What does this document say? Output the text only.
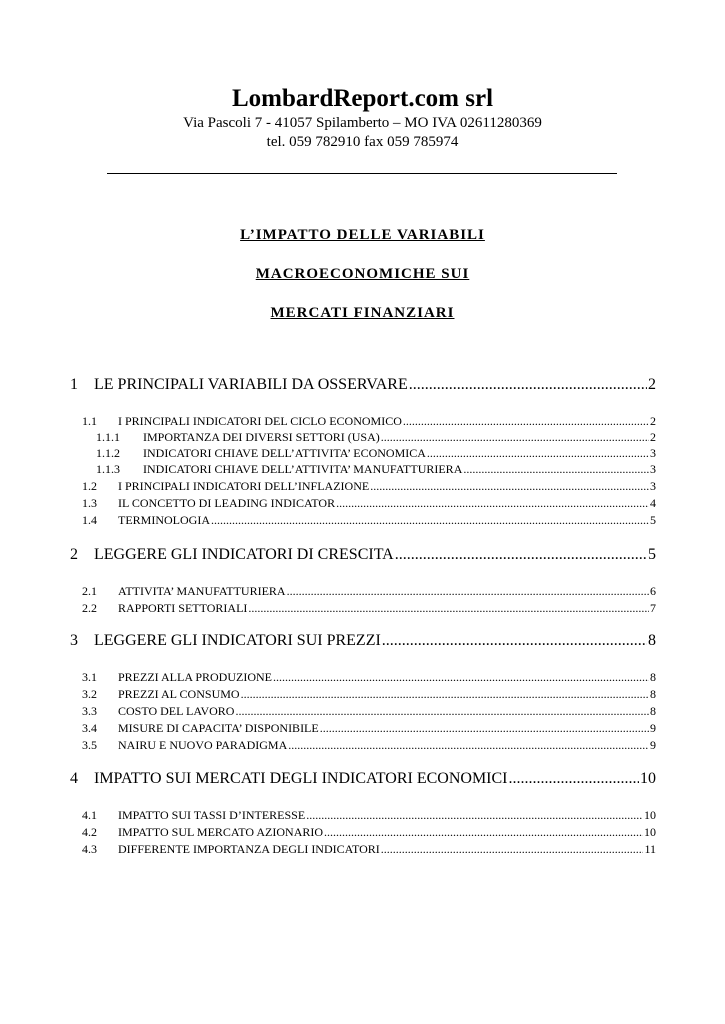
LombardReport.com srl
Via Pascoli 7 - 41057 Spilamberto – MO IVA 02611280369
tel. 059 782910 fax 059 785974
L’IMPATTO DELLE VARIABILI
MACROECONOMICHE SUI
MERCATI FINANZIARI
1	LE PRINCIPALI VARIABILI DA OSSERVARE .....	2
1.1	I PRINCIPALI INDICATORI DEL CICLO ECONOMICO .....	2
1.1.1	IMPORTANZA DEI DIVERSI SETTORI (USA) .....	2
1.1.2	INDICATORI CHIAVE DELL’ATTIVITA’ ECONOMICA .....	3
1.1.3	INDICATORI CHIAVE DELL’ATTIVITA’ MANUFATTURIERA .....	3
1.2	I PRINCIPALI INDICATORI DELL’INFLAZIONE .....	3
1.3	IL CONCETTO DI LEADING INDICATOR .....	4
1.4	TERMINOLOGIA .....	5
2	LEGGERE GLI INDICATORI DI CRESCITA .....	5
2.1	ATTIVITA’ MANUFATTURIERA .....	6
2.2	RAPPORTI SETTORIALI .....	7
3	LEGGERE GLI INDICATORI SUI PREZZI .....	8
3.1	PREZZI ALLA PRODUZIONE .....	8
3.2	PREZZI AL CONSUMO .....	8
3.3	COSTO DEL LAVORO .....	8
3.4	MISURE DI CAPACITA’ DISPONIBILE .....	9
3.5	NAIRU E NUOVO PARADIGMA .....	9
4	IMPATTO SUI MERCATI DEGLI INDICATORI ECONOMICI .....	10
4.1	IMPATTO SUI TASSI D’INTERESSE .....	10
4.2	IMPATTO SUL MERCATO AZIONARIO .....	10
4.3	DIFFERENTE IMPORTANZA DEGLI INDICATORI .....	11
